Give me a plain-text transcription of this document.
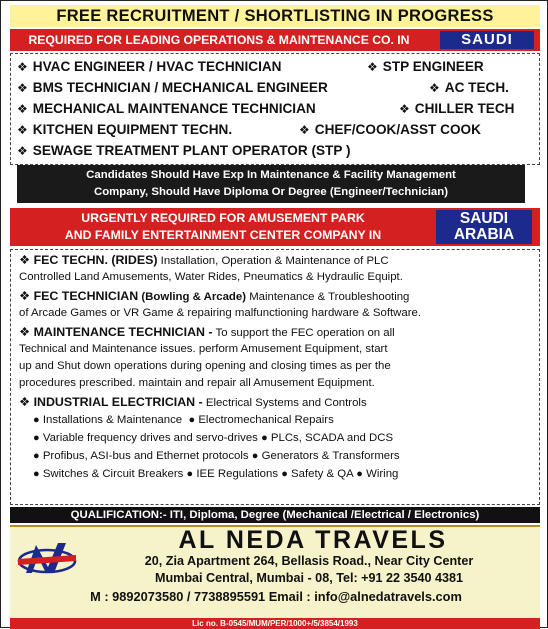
FREE RECRUITMENT / SHORTLISTING IN PROGRESS
REQUIRED FOR LEADING OPERATIONS & MAINTENANCE CO. IN	SAUDI
❖ HVAC ENGINEER / HVAC TECHNICIAN	❖ STP ENGINEER
❖ BMS TECHNICIAN / MECHANICAL ENGINEER	❖ AC TECH.
❖ MECHANICAL MAINTENANCE TECHNICIAN	❖ CHILLER TECH
❖ KITCHEN EQUIPMENT TECHN.	❖ CHEF/COOK/ASST COOK
❖ SEWAGE TREATMENT PLANT OPERATOR (STP )
Candidates Should Have Exp In Maintenance & Facility Management
Company, Should Have Diploma Or Degree (Engineer/Technician)
URGENTLY REQUIRED FOR AMUSEMENT PARK
AND FAMILY ENTERTAINMENT CENTER COMPANY IN
SAUDI
ARABIA
❖ FEC TECHN. (RIDES) Installation, Operation & Maintenance of PLC
Controlled Land Amusements, Water Rides, Pneumatics & Hydraulic Equipt.
❖ FEC TECHNICIAN (Bowling & Arcade) Maintenance & Troubleshooting
of Arcade Games or VR Game & repairing malfunctioning hardware & Software.
❖ MAINTENANCE TECHNICIAN - To support the FEC operation on all
Technical and Maintenance issues. perform Amusement Equipment, start
up and Shut down operations during opening and closing times as per the
procedures prescribed. maintain and repair all Amusement Equipment.
❖ INDUSTRIAL ELECTRICIAN - Electrical Systems and Controls
● Installations & Maintenance ● Electromechanical Repairs
● Variable frequency drives and servo-drives ● PLCs, SCADA and DCS
● Profibus, ASI-bus and Ethernet protocols ● Generators & Transformers
● Switches & Circuit Breakers ● IEE Regulations ● Safety & QA ● Wiring
QUALIFICATION:- ITI, Diploma, Degree (Mechanical /Electrical / Electronics)
AL NEDA TRAVELS
20, Zia Apartment 264, Bellasis Road., Near City Center
Mumbai Central, Mumbai - 08, Tel: +91 22 3540 4381
M : 9892073580 / 7738895591 Email : info@alnedatravels.com
Lic no. B-0545/MUM/PER/1000+/5/3854/1993
